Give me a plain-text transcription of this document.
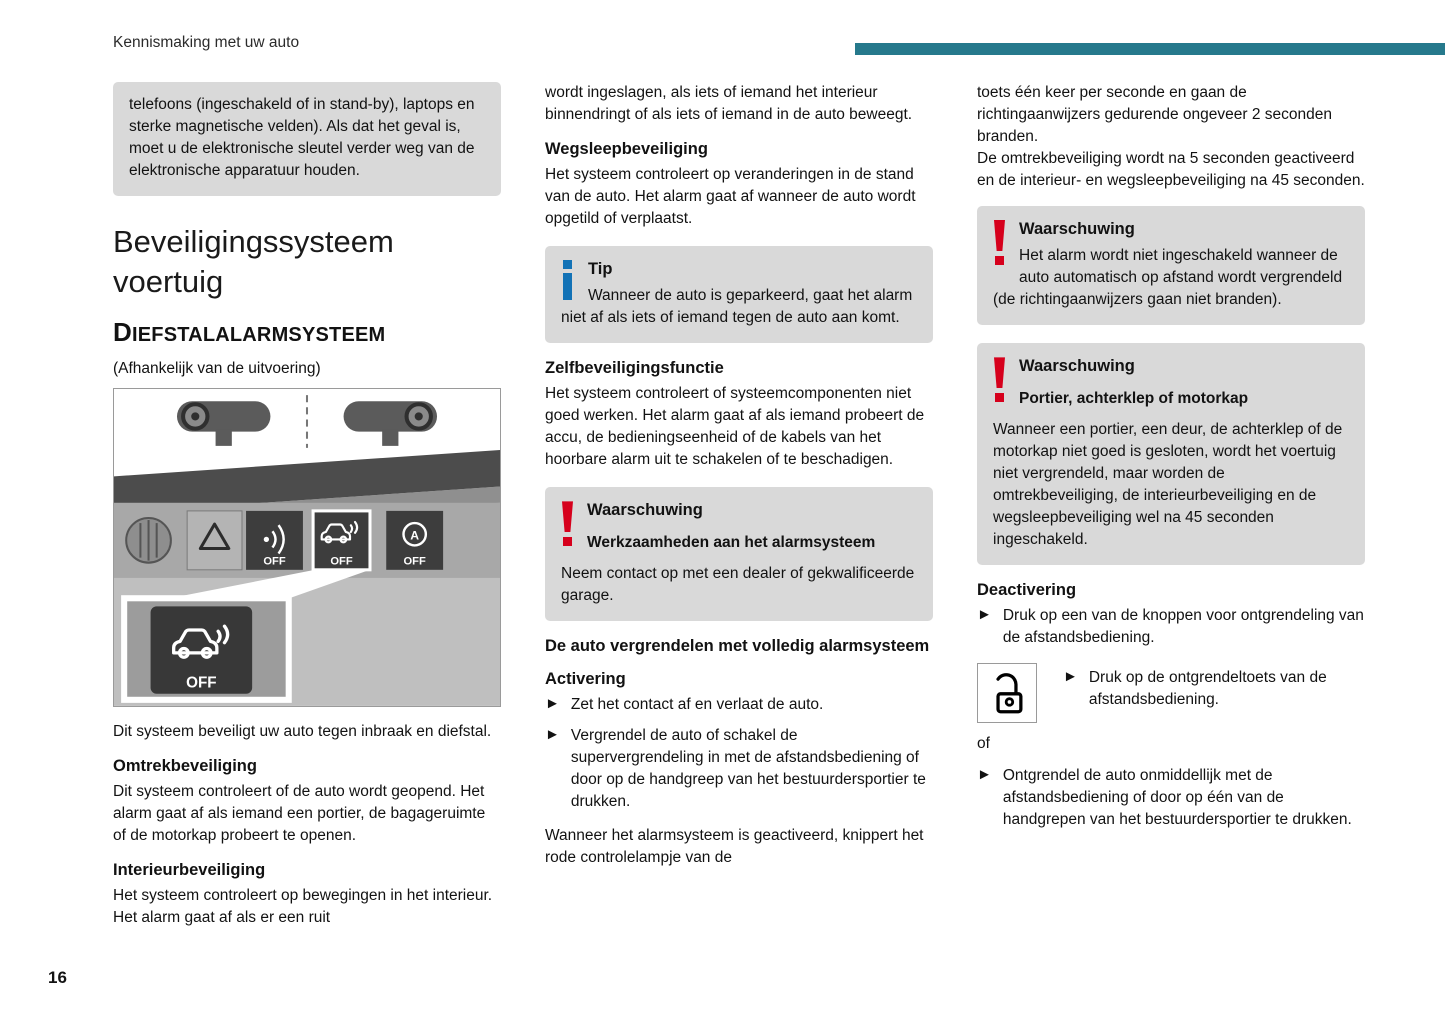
Kennismaking met uw auto
telefoons (ingeschakeld of in stand-by), laptops en sterke magnetische velden). Als dat het geval is, moet u de elektronische sleutel verder weg van de elektronische apparatuur houden.
Beveiligingssysteem voertuig
DIEFSTALALARMSYSTEEM

(Afhankelijk van de uitvoering)

OFF	OFF
A
OFF
OFF

Dit systeem beveiligt uw auto tegen inbraak en diefstal.

Omtrekbeveiliging

Dit systeem controleert of de auto wordt geopend. Het alarm gaat af als iemand een portier, de bagageruimte of de motorkap probeert te openen.

Interieurbeveiliging

Het systeem controleert op bewegingen in het interieur. Het alarm gaat af als er een ruit

wordt ingeslagen, als iets of iemand het interieur binnendringt of als iets of iemand in de auto beweegt.

Wegsleepbeveiliging

Het systeem controleert op veranderingen in de stand van de auto. Het alarm gaat af wanneer de auto wordt opgetild of verplaatst.

Tip
Wanneer de auto is geparkeerd, gaat het alarm niet af als iets of iemand tegen de auto aan komt.
Zelfbeveiligingsfunctie

Het systeem controleert of systeemcomponenten niet goed werken. Het alarm gaat af als iemand probeert de accu, de bedieningseenheid of de kabels van het hoorbare alarm uit te schakelen of te beschadigen.

Waarschuwing
Werkzaamheden aan het alarmsysteem
Neem contact op met een dealer of gekwalificeerde garage.
De auto vergrendelen met volledig alarmsysteem
Activering
► Zet het contact af en verlaat de auto.
► Vergrendel de auto of schakel de supervergrendeling in met de afstandsbediening of door op de handgreep van het bestuurdersportier te drukken.

Wanneer het alarmsysteem is geactiveerd, knippert het rode controlelampje van de

toets één keer per seconde en gaan de richtingaanwijzers gedurende ongeveer 2 seconden branden.

De omtrekbeveiliging wordt na 5 seconden geactiveerd en de interieur- en wegsleepbeveiliging na 45 seconden.

Waarschuwing
Het alarm wordt niet ingeschakeld wanneer de auto automatisch op afstand wordt vergrendeld (de richtingaanwijzers gaan niet branden).
Waarschuwing
Portier, achterklep of motorkap
Wanneer een portier, een deur, de achterklep of de motorkap niet goed is gesloten, wordt het voertuig niet vergrendeld, maar worden de omtrekbeveiliging, de interieurbeveiliging en de wegsleepbeveiliging wel na 45 seconden ingeschakeld.
Deactivering
► Druk op een van de knoppen voor ontgrendeling van de afstandsbediening.
► Druk op de ontgrendeltoets van de afstandsbediening.

of

► Ontgrendel de auto onmiddellijk met de afstandsbediening of door op één van de handgrepen van het bestuurdersportier te drukken.
16
